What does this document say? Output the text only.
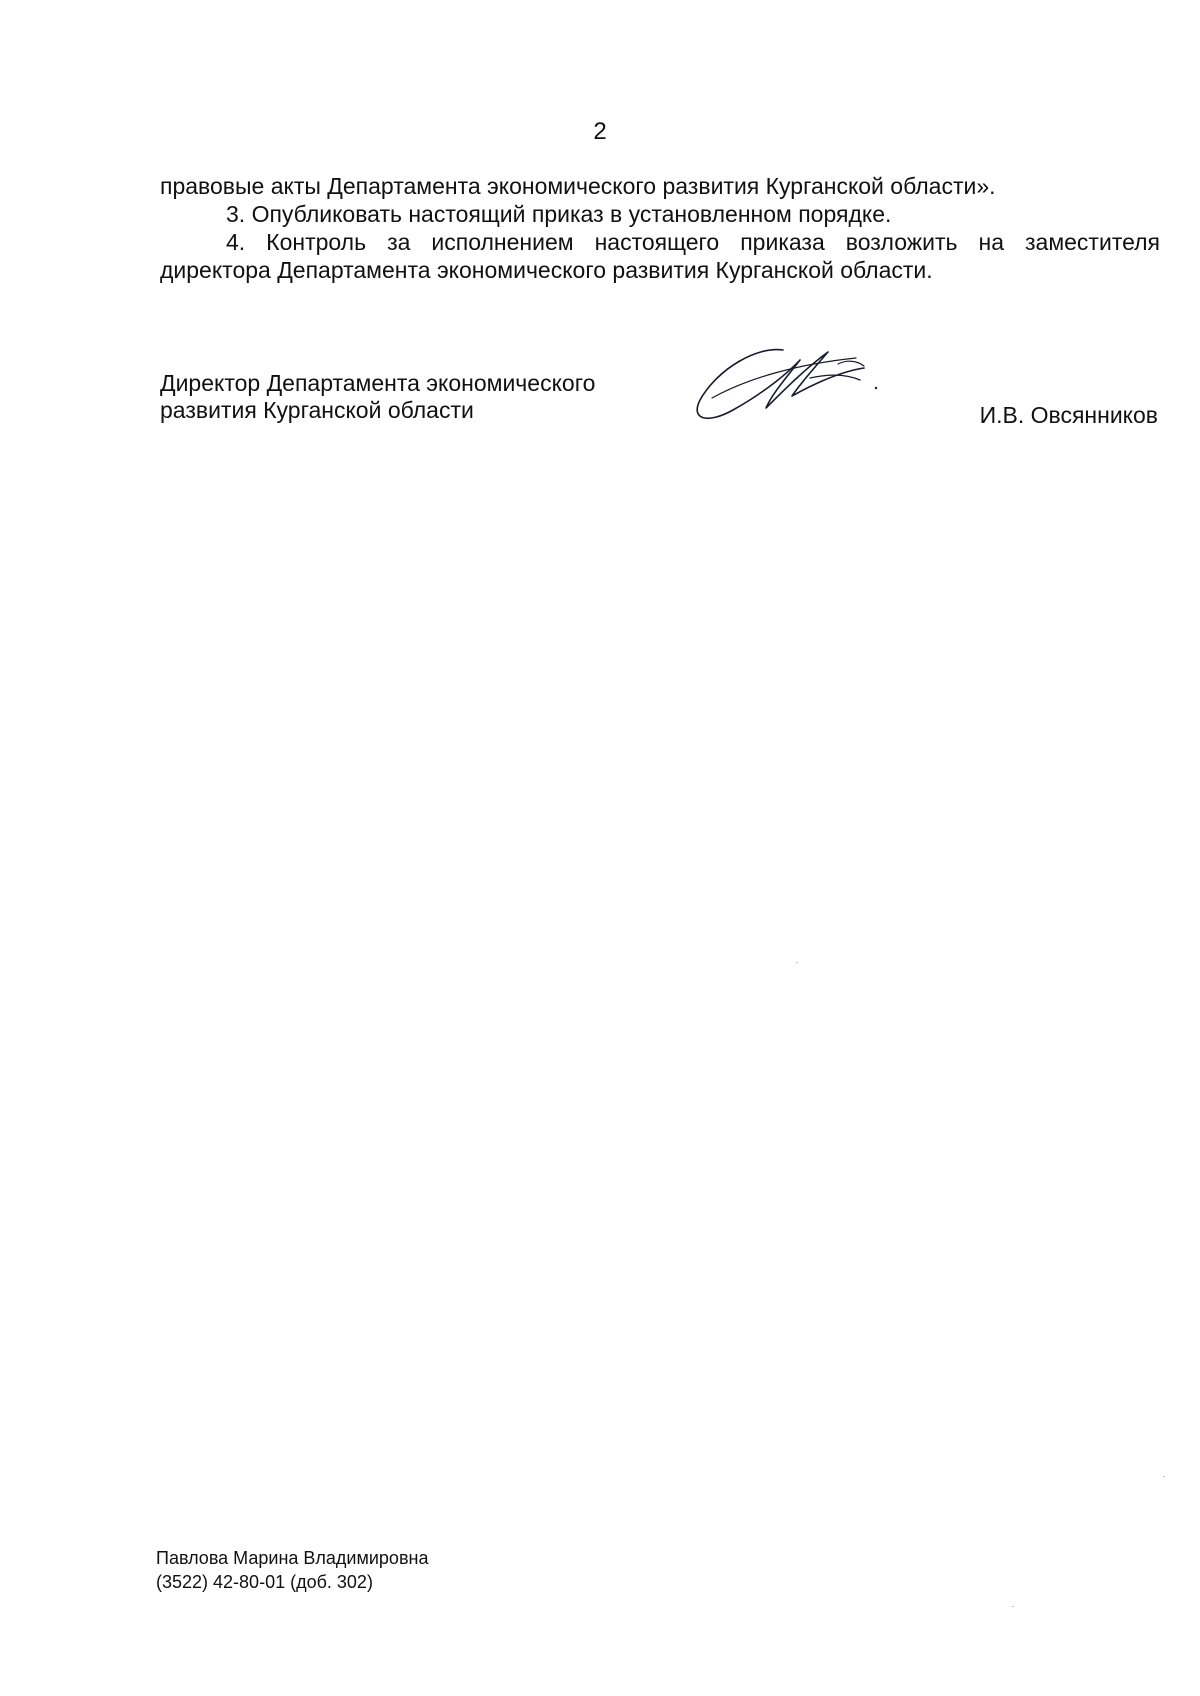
2

правовые акты Департамента экономического развития Курганской области».

3. Опубликовать настоящий приказ в установленном порядке.

4. Контроль за исполнением настоящего приказа возложить на заместителя директора Департамента экономического развития Курганской области.

Директор Департамента экономического
развития Курганской области	И.В. Овсянников
Павлова Марина Владимировна
(3522) 42-80-01 (доб. 302)
